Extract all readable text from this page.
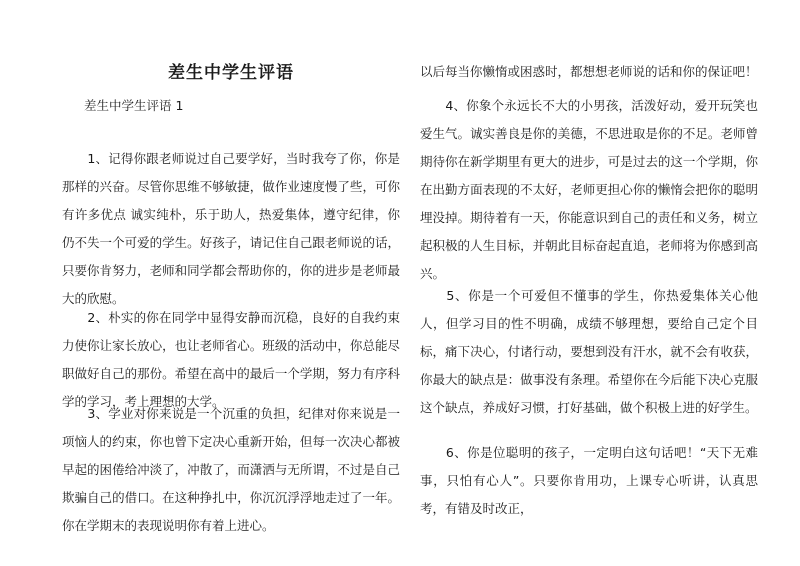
差生中学生评语
差生中学生评语 1

　　1、记得你跟老师说过自己要学好，当时我夸了你，你是那样的兴奋。尽管你思维不够敏捷，做作业速度慢了些，可你有许多优点 诚实纯朴，乐于助人，热爱集体，遵守纪律，你仍不失一个可爱的学生。好孩子，请记住自己跟老师说的话，只要你肯努力，老师和同学都会帮助你的，你的进步是老师最大的欣慰。

　　2、朴实的你在同学中显得安静而沉稳，良好的自我约束力使你让家长放心，也让老师省心。班级的活动中，你总能尽职做好自己的那份。希望在高中的最后一个学期，努力有序科学的学习，考上理想的大学。

　　3、学业对你来说是一个沉重的负担，纪律对你来说是一项恼人的约束，你也曾下定决心重新开始，但每一次决心都被早起的困倦给冲淡了，冲散了，而潇洒与无所谓，不过是自己欺骗自己的借口。在这种挣扎中，你沉沉浮浮地走过了一年。你在学期末的表现说明你有着上进心。

以后每当你懒惰或困惑时，都想想老师说的话和你的保证吧！

　　4、你象个永远长不大的小男孩，活泼好动，爱开玩笑也爱生气。诚实善良是你的美德，不思进取是你的不足。老师曾期待你在新学期里有更大的进步，可是过去的这一个学期，你在出勤方面表现的不太好，老师更担心你的懒惰会把你的聪明埋没掉。期待着有一天，你能意识到自己的责任和义务，树立起积极的人生目标，并朝此目标奋起直追，老师将为你感到高兴。

　　5、你是一个可爱但不懂事的学生，你热爱集体关心他人，但学习目的性不明确，成绩不够理想，要给自己定个目标，痛下决心，付诸行动，要想到没有汗水，就不会有收获，你最大的缺点是：做事没有条理。希望你在今后能下决心克服这个缺点，养成好习惯，打好基础，做个积极上进的好学生。

　　6、你是位聪明的孩子，一定明白这句话吧！“天下无难事，只怕有心人”。只要你肯用功，上课专心听讲，认真思考，有错及时改正，
